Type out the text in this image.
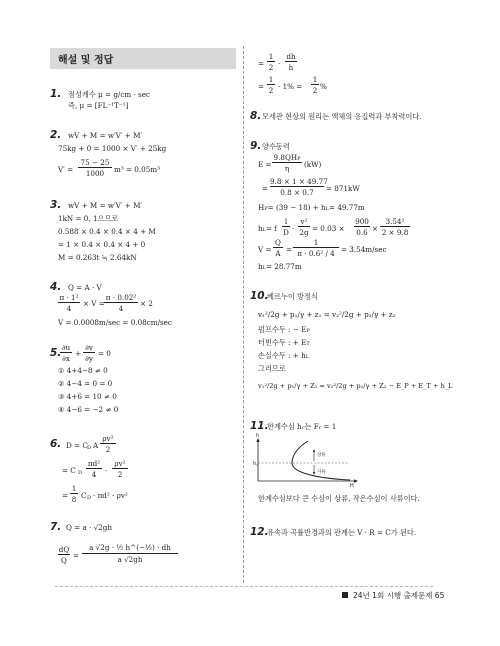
해설 및 정답
1. 점성계수 μ = g/cm · sec
즉, μ = [FL⁻¹T⁻¹]
2. wV + M = w′V′ + M′
75kg + 0 = 1000 × V′ + 25kg
V′ =
75 − 25
1000	m³ = 0.05m³
3. wV + M = w′V′ + M′
1kN = 0, 1으므로
0.588 × 0.4 × 0.4 × 4 + M
= 1 × 0.4 × 0.4 × 4 + 0
M = 0.263t ≒ 2.64kN
4. Q = A · V
π · 1²
4
× V =
π · 0.02²
4
× 2
V = 0.0008m/sec = 0.08cm/sec
5. ∂u
∂x
+
∂v
∂y
= 0
① 4+4−8 ≠ 0
② 4−4 = 0 = 0
③ 4+6 = 10 ≠ 0
④ 4−6 = −2 ≠ 0
6. D = C D A
ρv²
2
= C D
πd²
4	·
ρv²
2
=
1
8 C D · πd² · ρv²
7. Q = a · √2gh
dQ
Q
=
a √2g · ½ h^(−½) · dh
a √2gh
=
1
2 ·
dh
h
=
1
2 · 1% =
1
2 %
8. 모세관 현상의 원리는 액체의 응집력과 부착력이다.
9. 양수동력
E =
9.8QHP
η	(kW)
=
9.8 × 1 × 49.77
0.8 × 0.7	= 871kW
HP= (39 − 18) + hL= 49.77m
hL= f
l
D ·
v²
2g = 0.03 ×
900
0.6 ×
3.54²
2 × 9.8
V =
Q
A =
1
π · 0.6² / 4 = 3.54m/sec
hL= 28.77m
10.
베르누이 방정식
v₁²/2g + p₁/γ + z₁ = v₂²/2g + p₂/γ + z₂
펌프수두 : − EP
터빈수두 : + ET
손실수두 : + hL
그러므로
v₁²/2g + p₁/γ + Z₁ = v₂²/2g + p₂/γ + Z₂ − E_P + E_T + h_L
11.
한계수심 hc는 Fr = 1
상류
사류
h꜀
H
h
한계수심보다 큰 수심이 상류, 작은수심이 사류이다.
12.
유속과 곡률반경과의 관계는 V · R = C가 된다.
24년 1회 시행 출제문제 65
